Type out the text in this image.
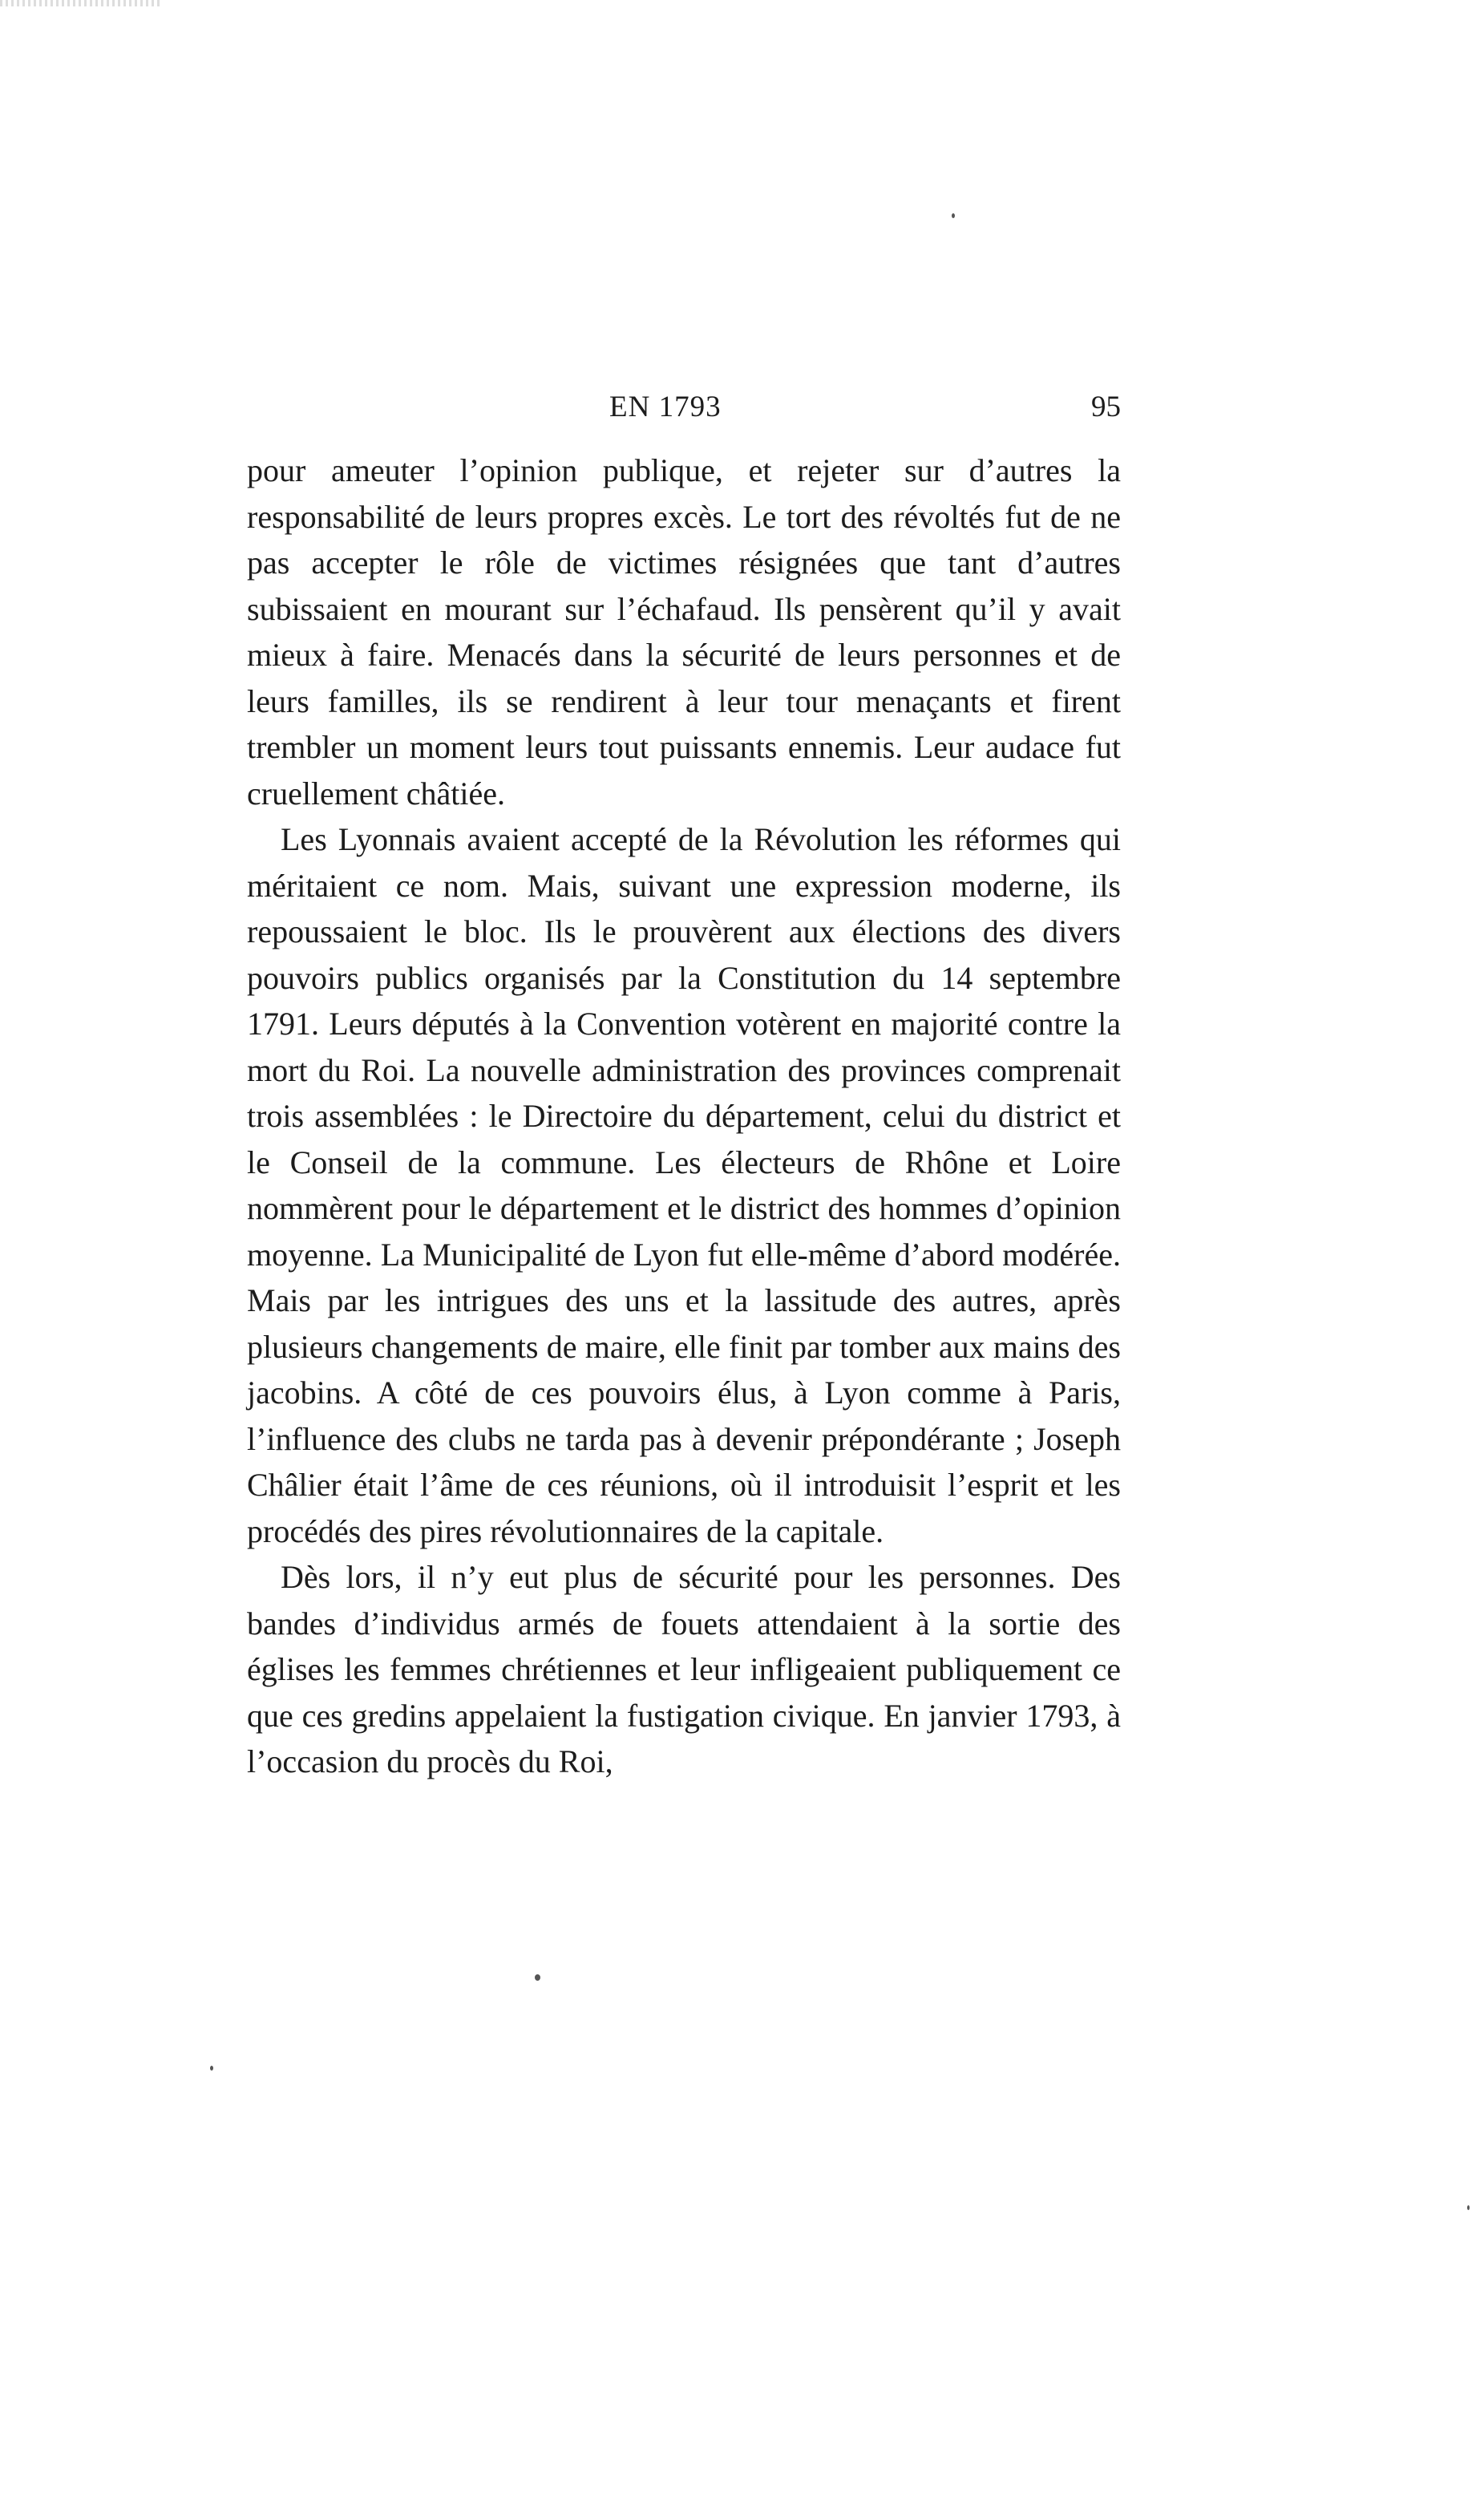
EN 1793	95

pour ameuter l’opinion publique, et rejeter sur d’autres la responsabilité de leurs propres excès. Le tort des révoltés fut de ne pas accepter le rôle de victimes résignées que tant d’autres subissaient en mourant sur l’échafaud. Ils pensèrent qu’il y avait mieux à faire. Menacés dans la sécurité de leurs personnes et de leurs familles, ils se rendirent à leur tour menaçants et firent trembler un moment leurs tout puissants ennemis. Leur audace fut cruellement châtiée.

Les Lyonnais avaient accepté de la Révolution les réformes qui méritaient ce nom. Mais, suivant une expression moderne, ils repoussaient le bloc. Ils le prouvèrent aux élections des divers pouvoirs publics organisés par la Constitution du 14 septembre 1791. Leurs députés à la Convention votèrent en majorité contre la mort du Roi. La nouvelle administration des provinces comprenait trois assemblées : le Directoire du département, celui du district et le Conseil de la commune. Les électeurs de Rhône et Loire nommèrent pour le département et le district des hommes d’opinion moyenne. La Municipalité de Lyon fut elle-même d’abord modérée. Mais par les intrigues des uns et la lassitude des autres, après plusieurs changements de maire, elle finit par tomber aux mains des jacobins. A côté de ces pouvoirs élus, à Lyon comme à Paris, l’influence des clubs ne tarda pas à devenir prépondérante ; Joseph Châlier était l’âme de ces réunions, où il introduisit l’esprit et les procédés des pires révolutionnaires de la capitale.

Dès lors, il n’y eut plus de sécurité pour les personnes. Des bandes d’individus armés de fouets attendaient à la sortie des églises les femmes chrétiennes et leur infligeaient publiquement ce que ces gredins appelaient la fustigation civique. En janvier 1793, à l’occasion du procès du Roi,
